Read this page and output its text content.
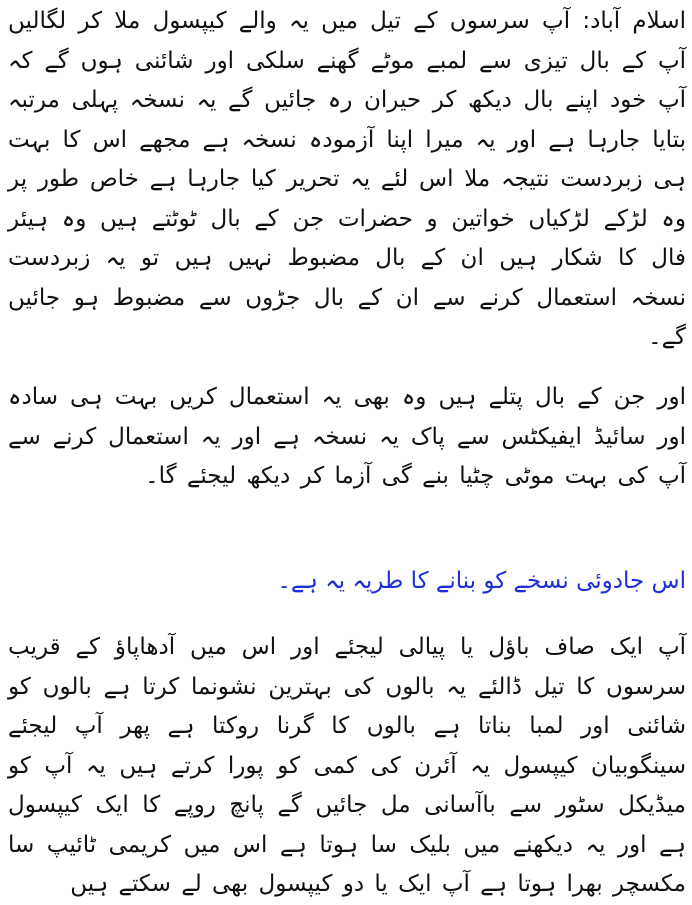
اسلام آباد: آپ سرسوں کے تیل میں یہ والے کیپسول ملا کر لگالیں آپ کے بال تیزی سے لمبے موٹے گھنے سلکی اور شائنی ہوں گے کہ آپ خود اپنے بال دیکھ کر حیران رہ جائیں گے یہ نسخہ پہلی مرتبہ بتایا جارہا ہے اور یہ میرا اپنا آزمودہ نسخہ ہے مجھے اس کا بہت ہی زبردست نتیجہ ملا اس لئے یہ تحریر کیا جارہا ہے خاص طور پر وہ لڑکے لڑکیاں خواتین و حضرات جن کے بال ٹوٹتے ہیں وہ ہیئر فال کا شکار ہیں ان کے بال مضبوط نہیں ہیں تو یہ زبردست نسخہ استعمال کرنے سے ان کے بال جڑوں سے مضبوط ہو جائیں گے۔

اور جن کے بال پتلے ہیں وہ بھی یہ استعمال کریں بہت ہی سادہ اور سائیڈ ایفیکٹس سے پاک یہ نسخہ ہے اور یہ استعمال کرنے سے آپ کی بہت موٹی چٹیا بنے گی آزما کر دیکھ لیجئے گا۔

اس جادوئی نسخے کو بنانے کا طریہ یہ ہے۔

آپ ایک صاف باؤل یا پیالی لیجئے اور اس میں آدھاپاؤ کے قریب سرسوں کا تیل ڈالئے یہ بالوں کی بہترین نشونما کرتا ہے بالوں کو شائنی اور لمبا بناتا ہے بالوں کا گرنا روکتا ہے پھر آپ لیجئے سینگوبیان کیپسول یہ آئرن کی کمی کو پورا کرتے ہیں یہ آپ کو میڈیکل سٹور سے باآسانی مل جائیں گے پانچ روپے کا ایک کیپسول ہے اور یہ دیکھنے میں بلیک سا ہوتا ہے اس میں کریمی ٹائیپ سا مکسچر بھرا ہوتا ہے آپ ایک یا دو کیپسول بھی لے سکتے ہیں
